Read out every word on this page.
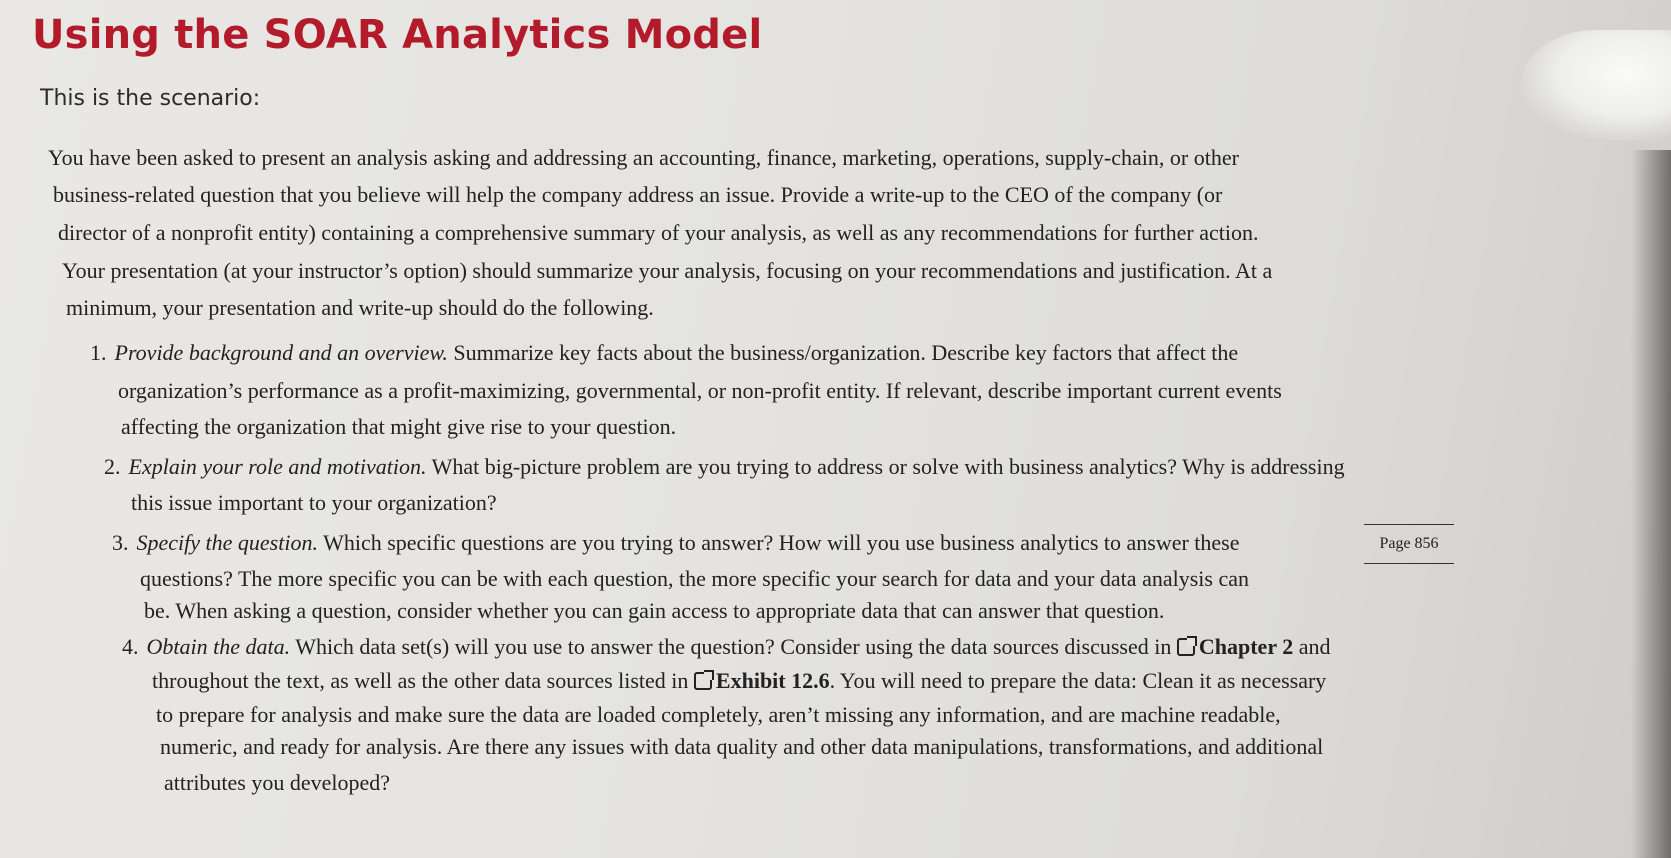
Using the SOAR Analytics Model
This is the scenario:
You have been asked to present an analysis asking and addressing an accounting, finance, marketing, operations, supply-chain, or other
business-related question that you believe will help the company address an issue. Provide a write-up to the CEO of the company (or
director of a nonprofit entity) containing a comprehensive summary of your analysis, as well as any recommendations for further action.
Your presentation (at your instructor’s option) should summarize your analysis, focusing on your recommendations and justification. At a
minimum, your presentation and write-up should do the following.
1. Provide background and an overview. Summarize key facts about the business/organization. Describe key factors that affect the
organization’s performance as a profit-maximizing, governmental, or non-profit entity. If relevant, describe important current events
affecting the organization that might give rise to your question.
2. Explain your role and motivation. What big-picture problem are you trying to address or solve with business analytics? Why is addressing
this issue important to your organization?
3. Specify the question. Which specific questions are you trying to answer? How will you use business analytics to answer these
questions? The more specific you can be with each question, the more specific your search for data and your data analysis can
be. When asking a question, consider whether you can gain access to appropriate data that can answer that question.
4. Obtain the data. Which data set(s) will you use to answer the question? Consider using the data sources discussed in Chapter 2 and
throughout the text, as well as the other data sources listed in Exhibit 12.6. You will need to prepare the data: Clean it as necessary
to prepare for analysis and make sure the data are loaded completely, aren’t missing any information, and are machine readable,
numeric, and ready for analysis. Are there any issues with data quality and other data manipulations, transformations, and additional
attributes you developed?
Page 856
